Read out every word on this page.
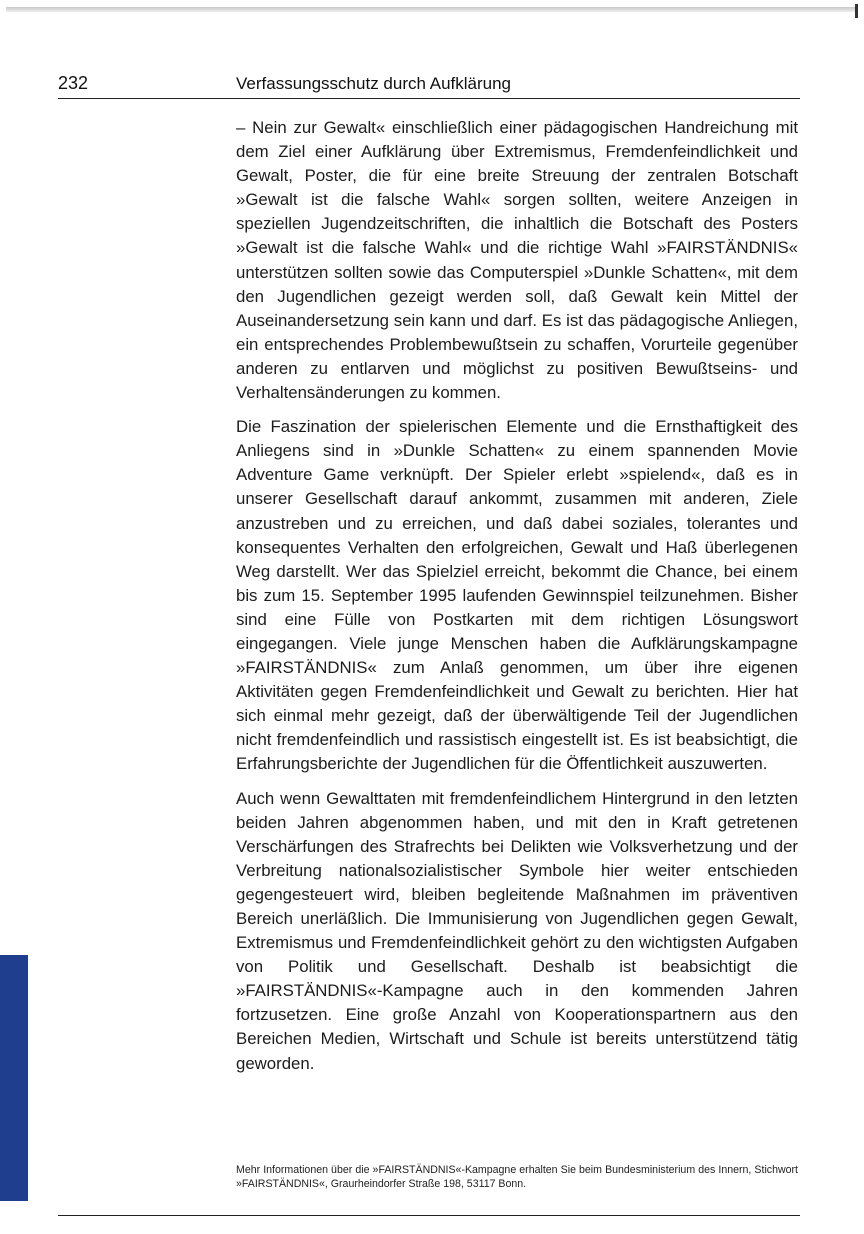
232	Verfassungsschutz durch Aufklärung

– Nein zur Gewalt« einschließlich einer pädagogischen Handreichung mit dem Ziel einer Aufklärung über Extremismus, Fremdenfeindlichkeit und Gewalt, Poster, die für eine breite Streuung der zentralen Botschaft »Gewalt ist die falsche Wahl« sorgen sollten, weitere Anzeigen in speziellen Jugendzeitschriften, die inhaltlich die Botschaft des Posters »Gewalt ist die falsche Wahl« und die richtige Wahl »FAIRSTÄNDNIS« unterstützen sollten sowie das Computerspiel »Dunkle Schatten«, mit dem den Jugendlichen gezeigt werden soll, daß Gewalt kein Mittel der Auseinandersetzung sein kann und darf. Es ist das pädagogische Anliegen, ein entsprechendes Problembewußtsein zu schaffen, Vorurteile gegenüber anderen zu entlarven und möglichst zu positiven Bewußtseins- und Verhaltensänderungen zu kommen.

Die Faszination der spielerischen Elemente und die Ernsthaftigkeit des Anliegens sind in »Dunkle Schatten« zu einem spannenden Movie Adventure Game verknüpft. Der Spieler erlebt »spielend«, daß es in unserer Gesellschaft darauf ankommt, zusammen mit anderen, Ziele anzustreben und zu erreichen, und daß dabei soziales, tolerantes und konsequentes Verhalten den erfolgreichen, Gewalt und Haß überlegenen Weg darstellt. Wer das Spielziel erreicht, bekommt die Chance, bei einem bis zum 15. September 1995 laufenden Gewinnspiel teilzunehmen. Bisher sind eine Fülle von Postkarten mit dem richtigen Lösungswort eingegangen. Viele junge Menschen haben die Aufklärungskampagne »FAIRSTÄNDNIS« zum Anlaß genommen, um über ihre eigenen Aktivitäten gegen Fremdenfeindlichkeit und Gewalt zu berichten. Hier hat sich einmal mehr gezeigt, daß der überwältigende Teil der Jugendlichen nicht fremdenfeindlich und rassistisch eingestellt ist. Es ist beabsichtigt, die Erfahrungsberichte der Jugendlichen für die Öffentlichkeit auszuwerten.

Auch wenn Gewalttaten mit fremdenfeindlichem Hintergrund in den letzten beiden Jahren abgenommen haben, und mit den in Kraft getretenen Verschärfungen des Strafrechts bei Delikten wie Volksverhetzung und der Verbreitung nationalsozialistischer Symbole hier weiter entschieden gegengesteuert wird, bleiben begleitende Maßnahmen im präventiven Bereich unerläßlich. Die Immunisierung von Jugendlichen gegen Gewalt, Extremismus und Fremdenfeindlichkeit gehört zu den wichtigsten Aufgaben von Politik und Gesellschaft. Deshalb ist beabsichtigt die »FAIRSTÄNDNIS«-Kampagne auch in den kommenden Jahren fortzusetzen. Eine große Anzahl von Kooperationspartnern aus den Bereichen Medien, Wirtschaft und Schule ist bereits unterstützend tätig geworden.

Mehr Informationen über die »FAIRSTÄNDNIS«-Kampagne erhalten Sie beim Bundesministerium des Innern, Stichwort »FAIRSTÄNDNIS«, Graurheindorfer Straße 198, 53117 Bonn.
